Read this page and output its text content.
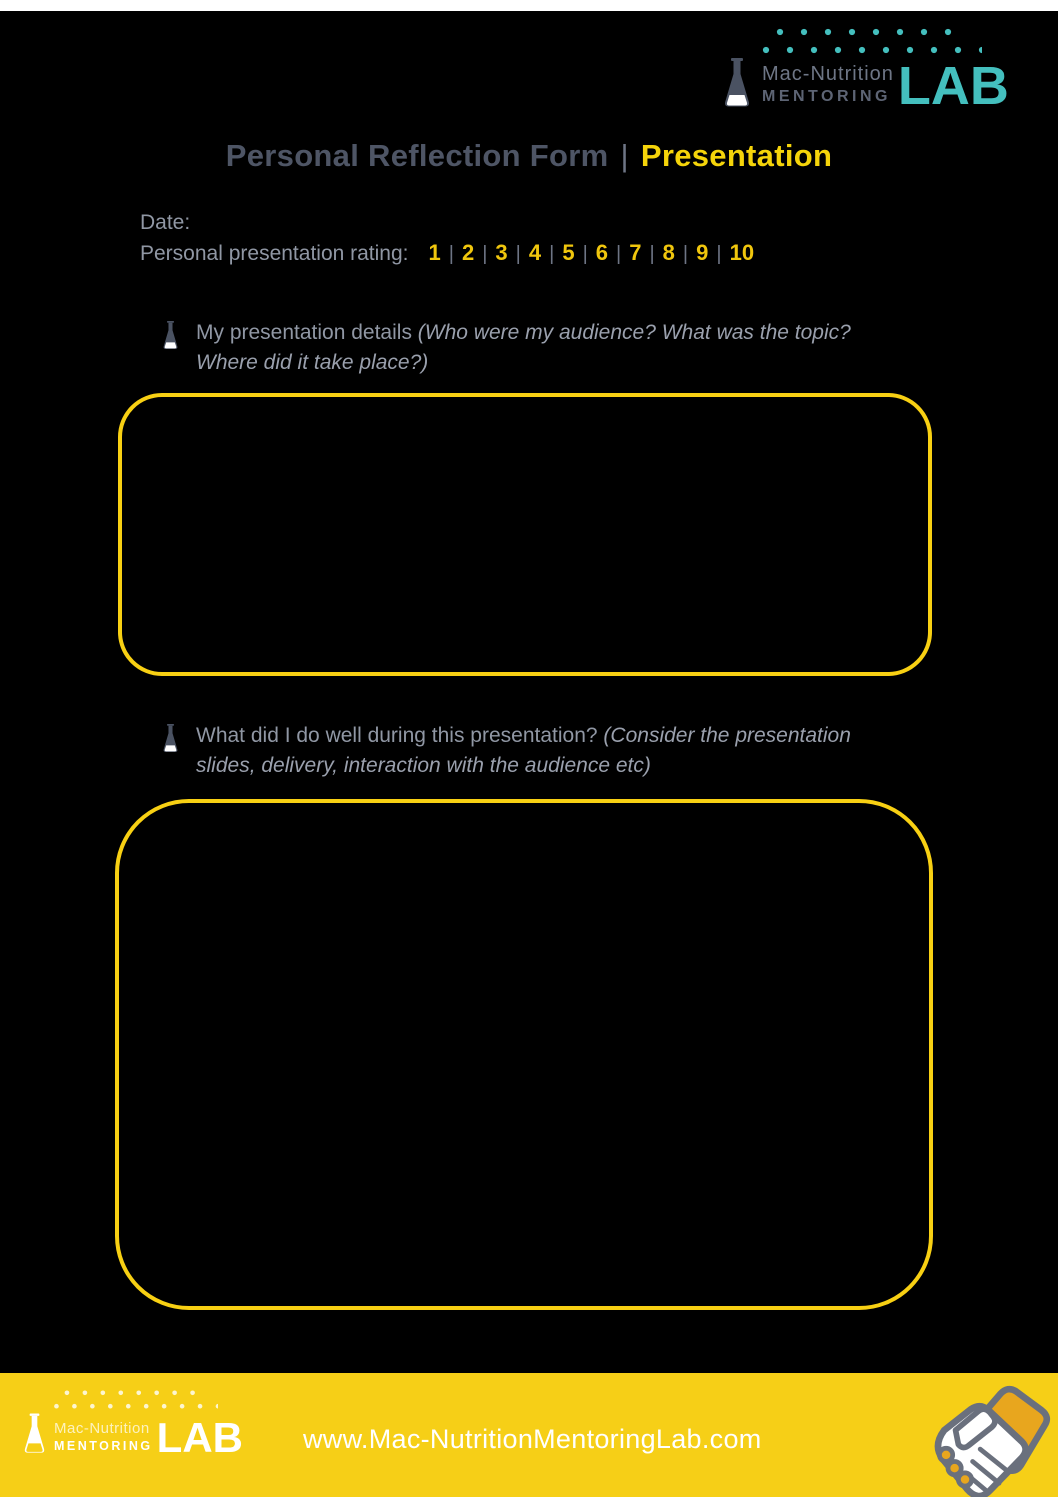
Mac-Nutrition
MENTORING LAB
Personal Reflection Form | Presentation
Date:
Personal presentation rating: 1 | 2 | 3 | 4 | 5 | 6 | 7 | 8 | 9 | 10

My presentation details (Who were my audience? What was the topic? Where did it take place?)

What did I do well during this presentation? (Consider the presentation slides, delivery, interaction with the audience etc)

Mac-Nutrition
MENTORING LAB www.Mac-NutritionMentoringLab.com
